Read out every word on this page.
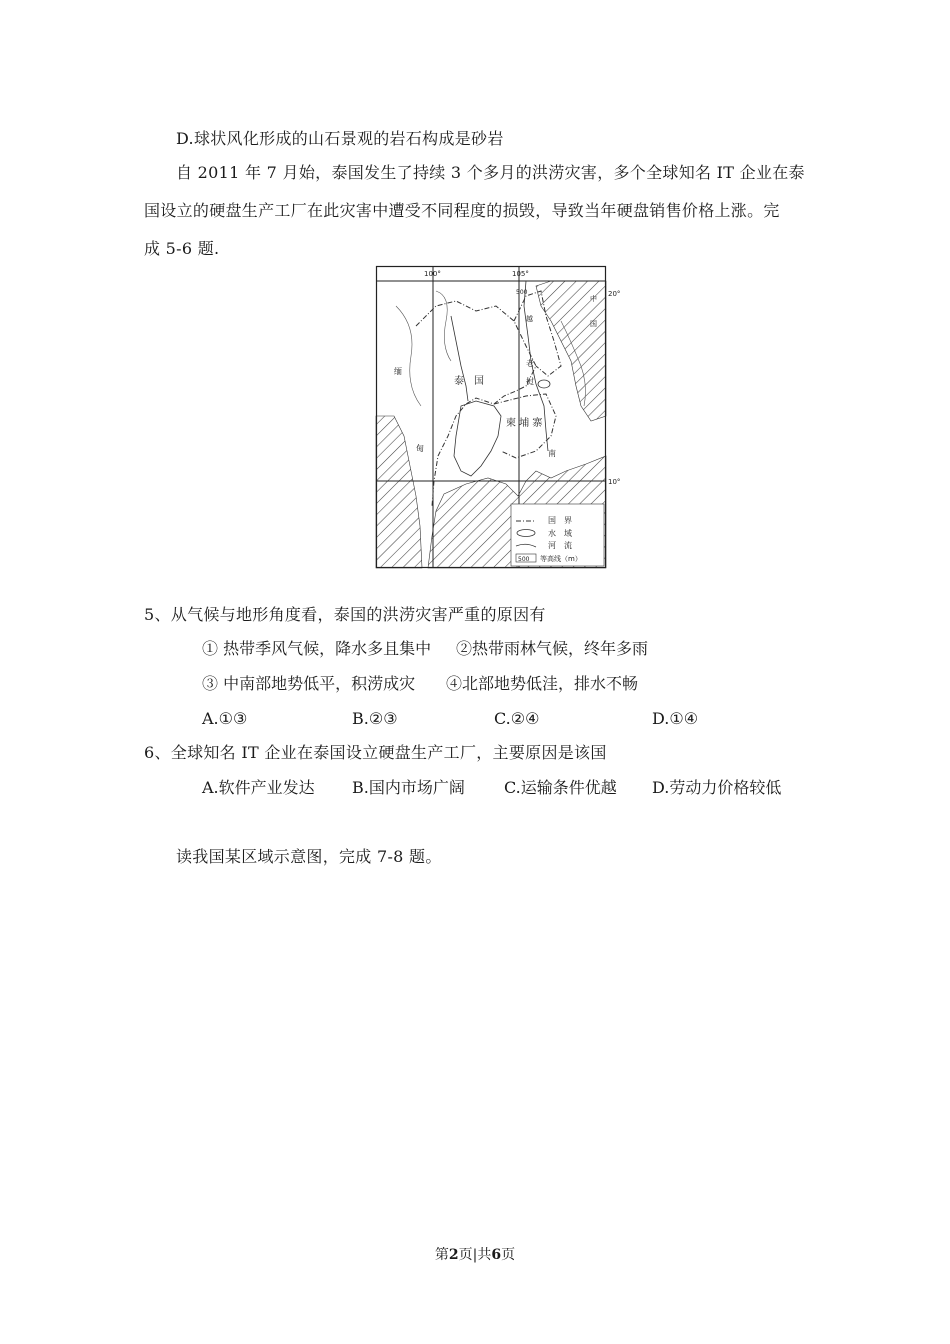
D.球状风化形成的山石景观的岩石构成是砂岩
自 2011 年 7 月始，泰国发生了持续 3 个多月的洪涝灾害，多个全球知名 IT 企业在泰
国设立的硬盘生产工厂在此灾害中遭受不同程度的损毁，导致当年硬盘销售价格上涨。完
成 5-6 题.
100°	105°
20°
10°
泰　国
柬 埔 寨
缅
甸
越
老
挝
南
中
国
500
国　界
水　域
河　流
500 等高线（m）
5、从气候与地形角度看，泰国的洪涝灾害严重的原因有
① 热带季风气候，降水多且集中 ②热带雨林气候，终年多雨
③ 中南部地势低平，积涝成灾 ④北部地势低洼，排水不畅
A.①③	B.②③	C.②④	D.①④
6、全球知名 IT 企业在泰国设立硬盘生产工厂，主要原因是该国
A.软件产业发达 B.国内市场广阔 C.运输条件优越 D.劳动力价格较低
读我国某区域示意图，完成 7-8 题。
第2页|共6页
